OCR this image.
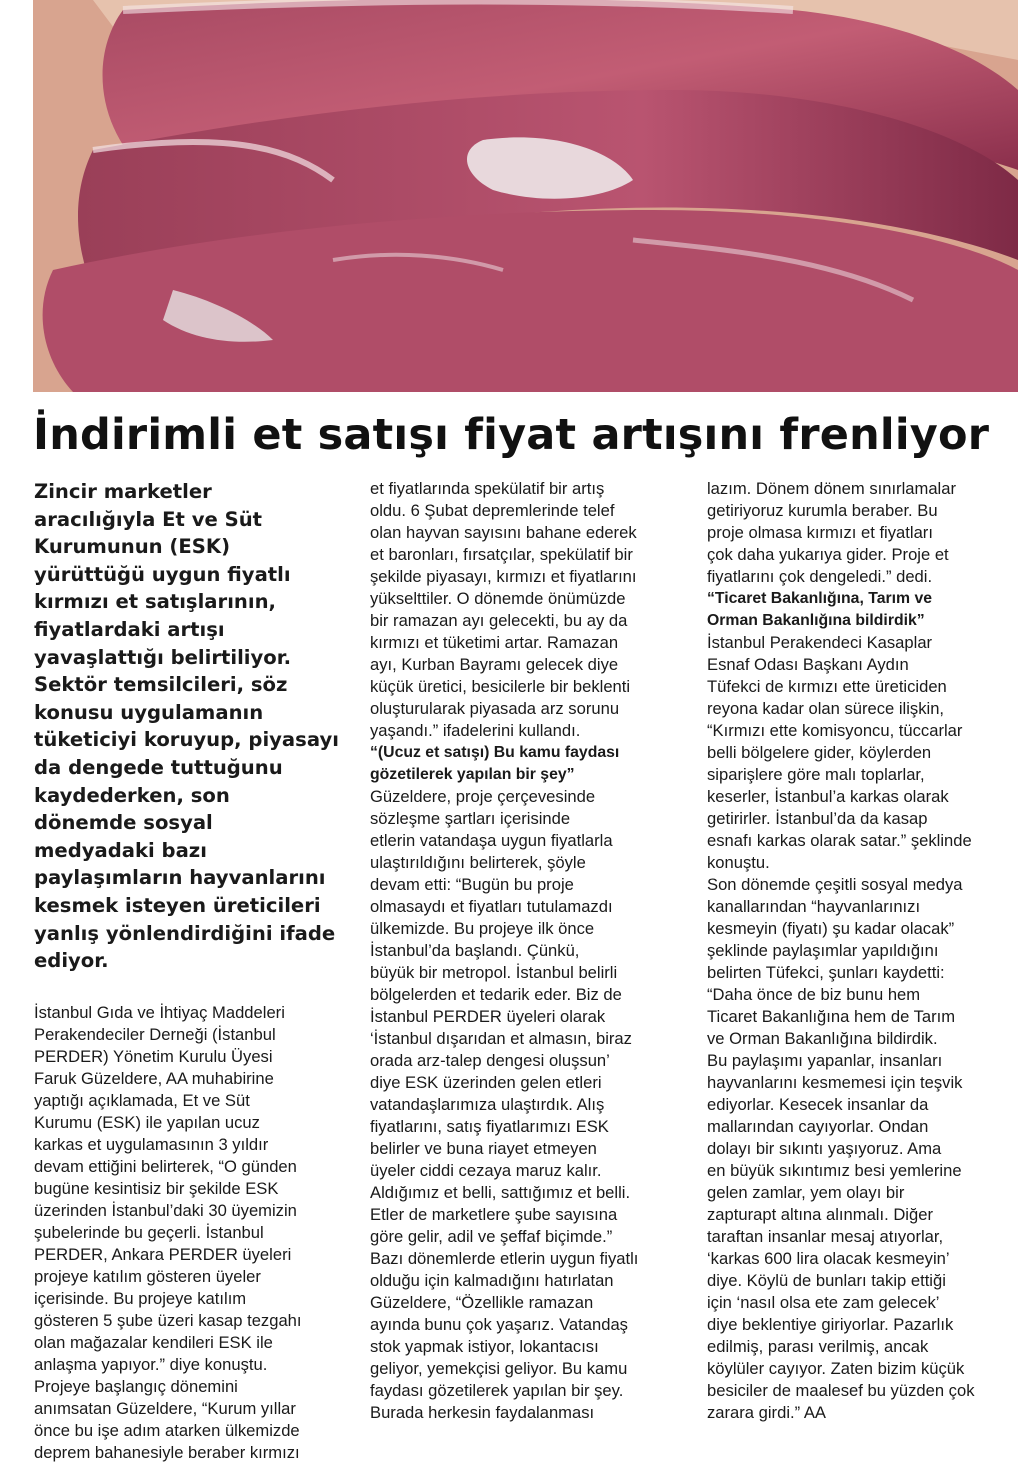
İndirimli et satışı fiyat artışını frenliyor

Zincir marketler aracılığıyla Et ve Süt Kurumunun (ESK) yürüttüğü uygun fiyatlı kırmızı et satışlarının, fiyatlardaki artışı yavaşlattığı belirtiliyor. Sektör temsilcileri, söz konusu uygulamanın tüketiciyi koruyup, piyasayı da dengede tuttuğunu kaydederken, son dönemde sosyal medyadaki bazı paylaşımların hayvanlarını kesmek isteyen üreticileri yanlış yönlendirdiğini ifade ediyor.

İstanbul Gıda ve İhtiyaç Maddeleri
Perakendeciler Derneği (İstanbul
PERDER) Yönetim Kurulu Üyesi
Faruk Güzeldere, AA muhabirine
yaptığı açıklamada, Et ve Süt
Kurumu (ESK) ile yapılan ucuz
karkas et uygulamasının 3 yıldır
devam ettiğini belirterek, “O günden
bugüne kesintisiz bir şekilde ESK
üzerinden İstanbul’daki 30 üyemizin
şubelerinde bu geçerli. İstanbul
PERDER, Ankara PERDER üyeleri
projeye katılım gösteren üyeler
içerisinde. Bu projeye katılım
gösteren 5 şube üzeri kasap tezgahı
olan mağazalar kendileri ESK ile
anlaşma yapıyor.” diye konuştu.
Projeye başlangıç dönemini
anımsatan Güzeldere, “Kurum yıllar
önce bu işe adım atarken ülkemizde
deprem bahanesiyle beraber kırmızı

et fiyatlarında spekülatif bir artış
oldu. 6 Şubat depremlerinde telef
olan hayvan sayısını bahane ederek
et baronları, fırsatçılar, spekülatif bir
şekilde piyasayı, kırmızı et fiyatlarını
yükselttiler. O dönemde önümüzde
bir ramazan ayı gelecekti, bu ay da
kırmızı et tüketimi artar. Ramazan
ayı, Kurban Bayramı gelecek diye
küçük üretici, besicilerle bir beklenti
oluşturularak piyasada arz sorunu
yaşandı.” ifadelerini kullandı.

“(Ucuz et satışı) Bu kamu faydası
gözetilerek yapılan bir şey”

Güzeldere, proje çerçevesinde
sözleşme şartları içerisinde
etlerin vatandaşa uygun fiyatlarla
ulaştırıldığını belirterek, şöyle
devam etti: “Bugün bu proje
olmasaydı et fiyatları tutulamazdı
ülkemizde. Bu projeye ilk önce
İstanbul’da başlandı. Çünkü,
büyük bir metropol. İstanbul belirli
bölgelerden et tedarik eder. Biz de
İstanbul PERDER üyeleri olarak
‘İstanbul dışarıdan et almasın, biraz
orada arz-talep dengesi oluşsun’
diye ESK üzerinden gelen etleri
vatandaşlarımıza ulaştırdık. Alış
fiyatlarını, satış fiyatlarımızı ESK
belirler ve buna riayet etmeyen
üyeler ciddi cezaya maruz kalır.
Aldığımız et belli, sattığımız et belli.
Etler de marketlere şube sayısına
göre gelir, adil ve şeffaf biçimde.”
Bazı dönemlerde etlerin uygun fiyatlı
olduğu için kalmadığını hatırlatan
Güzeldere, “Özellikle ramazan
ayında bunu çok yaşarız. Vatandaş
stok yapmak istiyor, lokantacısı
geliyor, yemekçisi geliyor. Bu kamu
faydası gözetilerek yapılan bir şey.
Burada herkesin faydalanması

lazım. Dönem dönem sınırlamalar
getiriyoruz kurumla beraber. Bu
proje olmasa kırmızı et fiyatları
çok daha yukarıya gider. Proje et
fiyatlarını çok dengeledi.” dedi.

“Ticaret Bakanlığına, Tarım ve
Orman Bakanlığına bildirdik”

İstanbul Perakendeci Kasaplar
Esnaf Odası Başkanı Aydın
Tüfekci de kırmızı ette üreticiden
reyona kadar olan sürece ilişkin,
“Kırmızı ette komisyoncu, tüccarlar
belli bölgelere gider, köylerden
siparişlere göre malı toplarlar,
keserler, İstanbul’a karkas olarak
getirirler. İstanbul’da da kasap
esnafı karkas olarak satar.” şeklinde
konuştu.
Son dönemde çeşitli sosyal medya
kanallarından “hayvanlarınızı
kesmeyin (fiyatı) şu kadar olacak”
şeklinde paylaşımlar yapıldığını
belirten Tüfekci, şunları kaydetti:
“Daha önce de biz bunu hem
Ticaret Bakanlığına hem de Tarım
ve Orman Bakanlığına bildirdik.
Bu paylaşımı yapanlar, insanları
hayvanlarını kesmemesi için teşvik
ediyorlar. Kesecek insanlar da
mallarından cayıyorlar. Ondan
dolayı bir sıkıntı yaşıyoruz. Ama
en büyük sıkıntımız besi yemlerine
gelen zamlar, yem olayı bir
zapturapt altına alınmalı. Diğer
taraftan insanlar mesaj atıyorlar,
‘karkas 600 lira olacak kesmeyin’
diye. Köylü de bunları takip ettiği
için ‘nasıl olsa ete zam gelecek’
diye beklentiye giriyorlar. Pazarlık
edilmiş, parası verilmiş, ancak
köylüler cayıyor. Zaten bizim küçük
besiciler de maalesef bu yüzden çok
zarara girdi.” AA
